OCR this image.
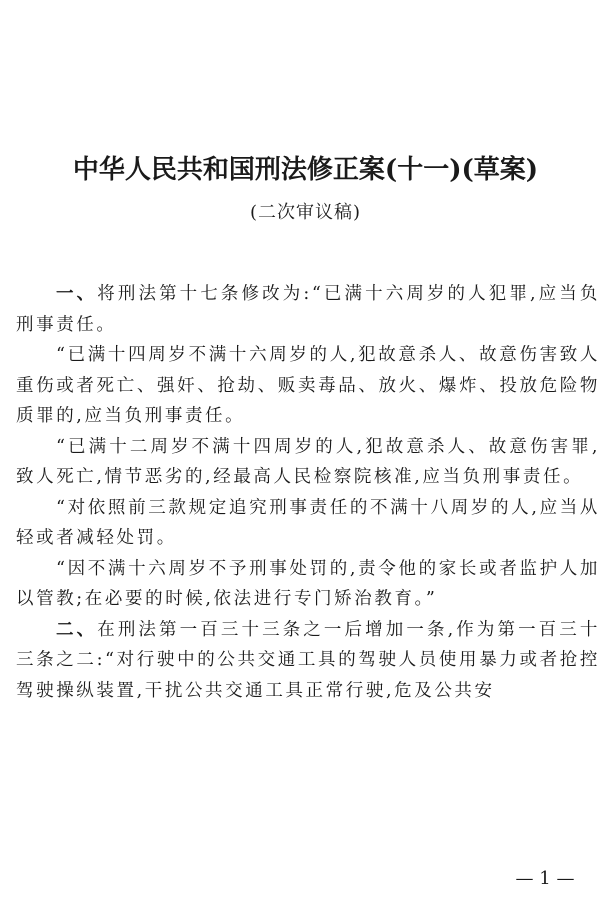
中华人民共和国刑法修正案(十一)(草案)
(二次审议稿)

一、将刑法第十七条修改为:“已满十六周岁的人犯罪,应当负刑事责任。

“已满十四周岁不满十六周岁的人,犯故意杀人、故意伤害致人重伤或者死亡、强奸、抢劫、贩卖毒品、放火、爆炸、投放危险物质罪的,应当负刑事责任。

“已满十二周岁不满十四周岁的人,犯故意杀人、故意伤害罪,致人死亡,情节恶劣的,经最高人民检察院核准,应当负刑事责任。

“对依照前三款规定追究刑事责任的不满十八周岁的人,应当从轻或者减轻处罚。

“因不满十六周岁不予刑事处罚的,责令他的家长或者监护人加以管教;在必要的时候,依法进行专门矫治教育。”

二、在刑法第一百三十三条之一后增加一条,作为第一百三十三条之二:“对行驶中的公共交通工具的驾驶人员使用暴力或者抢控驾驶操纵装置,干扰公共交通工具正常行驶,危及公共安

— 1 —
